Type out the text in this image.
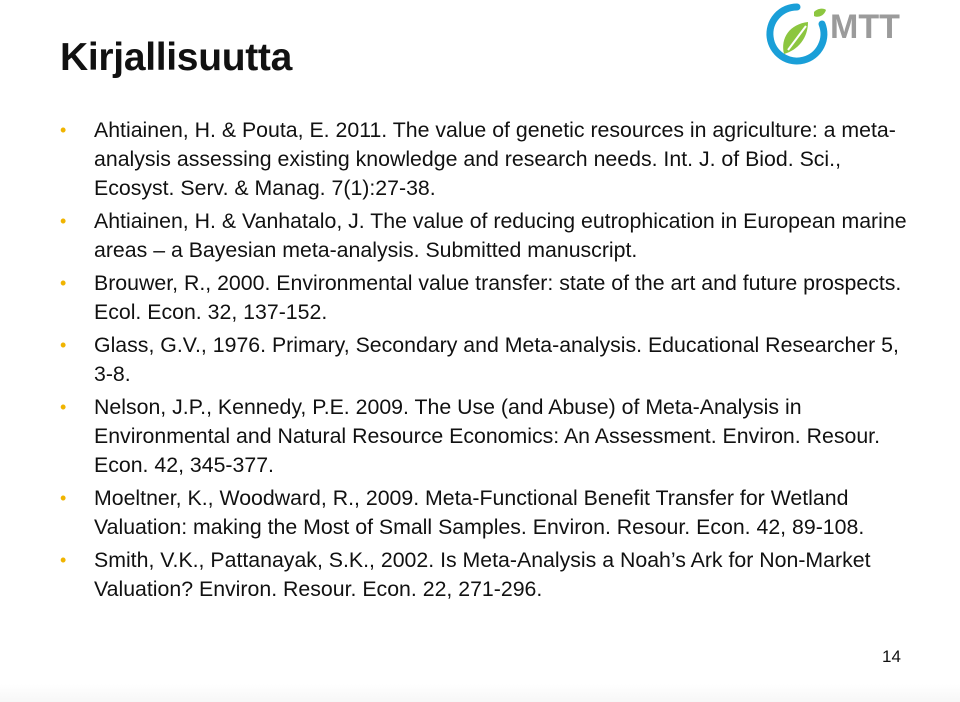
Kirjallisuutta
MTT
• Ahtiainen, H. & Pouta, E. 2011. The value of genetic resources in agriculture: a meta-analysis assessing existing knowledge and research needs. Int. J. of Biod. Sci., Ecosyst. Serv. & Manag. 7(1):27-38.
• Ahtiainen, H. & Vanhatalo, J. The value of reducing eutrophication in European marine areas – a Bayesian meta-analysis. Submitted manuscript.
• Brouwer, R., 2000. Environmental value transfer: state of the art and future prospects. Ecol. Econ. 32, 137-152.
• Glass, G.V., 1976. Primary, Secondary and Meta-analysis. Educational Researcher 5, 3-8.
• Nelson, J.P., Kennedy, P.E. 2009. The Use (and Abuse) of Meta-Analysis in Environmental and Natural Resource Economics: An Assessment. Environ. Resour. Econ. 42, 345-377.
• Moeltner, K., Woodward, R., 2009. Meta-Functional Benefit Transfer for Wetland Valuation: making the Most of Small Samples. Environ. Resour. Econ. 42, 89-108.
• Smith, V.K., Pattanayak, S.K., 2002. Is Meta-Analysis a Noah’s Ark for Non-Market Valuation? Environ. Resour. Econ. 22, 271-296.
14
